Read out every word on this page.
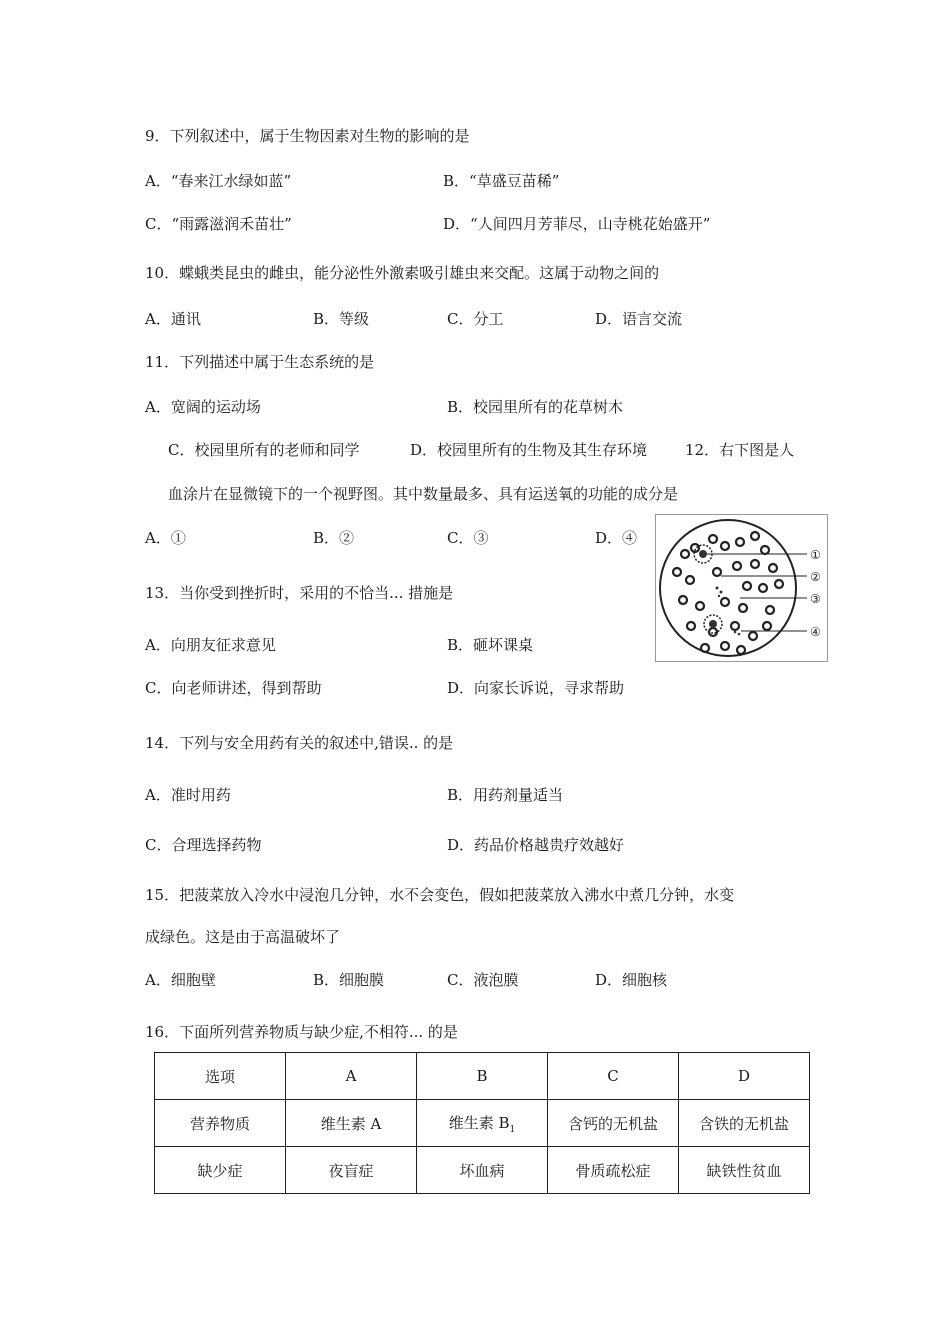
9．下列叙述中，属于生物因素对生物的影响的是
A．“春来江水绿如蓝”	B．“草盛豆苗稀”
C．“雨露滋润禾苗壮”	D．“人间四月芳菲尽，山寺桃花始盛开”
10．蝶蛾类昆虫的雌虫，能分泌性外激素吸引雄虫来交配。这属于动物之间的
A．通讯	B．等级	C．分工	D．语言交流
11．下列描述中属于生态系统的是
A．宽阔的运动场	B．校园里所有的花草树木
C．校园里所有的老师和同学	D．校园里所有的生物及其生存环境	12．右下图是人
血涂片在显微镜下的一个视野图。其中数量最多、具有运送氧的功能的成分是
A．①	B．②	C．③	D．④
①
②
③
④
13．当你受到挫折时，采用的不恰当... 措施是
A．向朋友征求意见	B．砸坏课桌
C．向老师讲述，得到帮助	D．向家长诉说，寻求帮助
14．下列与安全用药有关的叙述中,错误.. 的是
A．准时用药	B．用药剂量适当
C．合理选择药物	D．药品价格越贵疗效越好
15．把菠菜放入冷水中浸泡几分钟，水不会变色，假如把菠菜放入沸水中煮几分钟，水变
成绿色。这是由于高温破坏了
A．细胞壁	B．细胞膜	C．液泡膜	D．细胞核
16．下面所列营养物质与缺少症,不相符... 的是
选项	A	B	C	D
营养物质	维生素 A	维生素 $B_1$	含钙的无机盐	含铁的无机盐
缺少症	夜盲症	坏血病	骨质疏松症	缺铁性贫血
